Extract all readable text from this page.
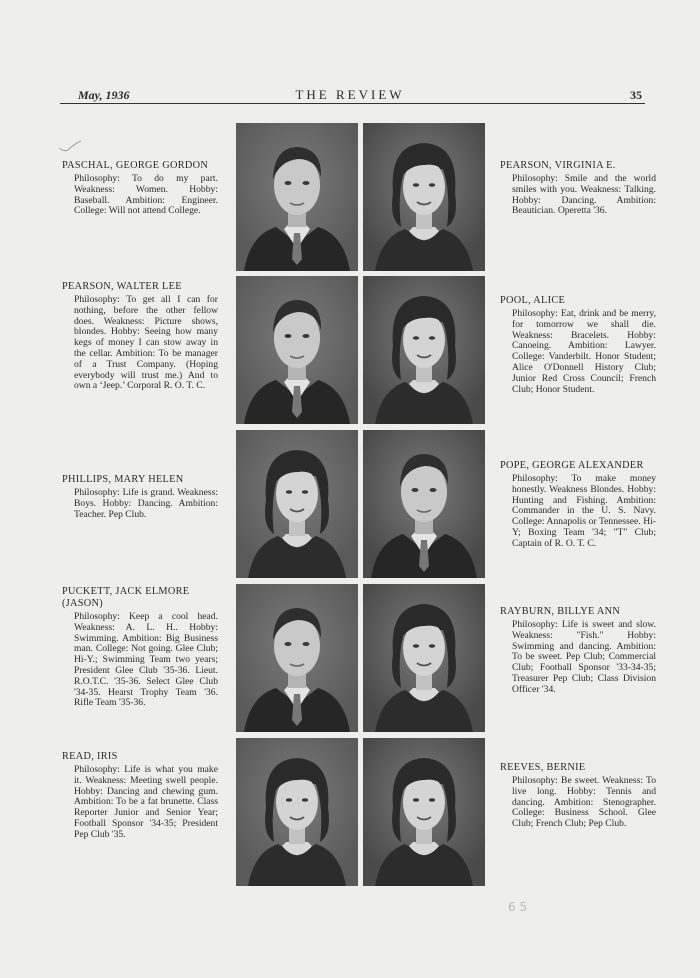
May, 1936	THE REVIEW	35
PASCHAL, GEORGE GORDON
Philosophy: To do my part. Weakness: Women. Hobby: Baseball. Ambition: Engineer. College: Will not attend College.
PEARSON, WALTER LEE
Philosophy: To get all I can for nothing, before the other fellow does. Weakness: Picture shows, blondes. Hobby: Seeing how many kegs of money I can stow away in the cellar. Ambition: To be manager of a Trust Company. (Hoping everybody will trust me.) And to own a ‘Jeep.’ Corporal R. O. T. C.
PHILLIPS, MARY HELEN
Philosophy: Life is grand. Weakness: Boys. Hobby: Dancing. Ambition: Teacher. Pep Club.
PUCKETT, JACK ELMORE
(JASON)
Philosophy: Keep a cool head. Weakness: A. L. H.. Hobby: Swimming. Ambition: Big Business man. College: Not going. Glee Club; Hi-Y.; Swimming Team two years; President Glee Club '35-36. Lieut. R.O.T.C. '35-36. Select Glee Club '34-35. Hearst Trophy Team '36. Rifle Team '35-36.
READ, IRIS
Philosophy: Life is what you make it. Weakness: Meeting swell people. Hobby: Dancing and chewing gum. Ambition: To be a fat brunette. Class Reporter Junior and Senior Year; Football Sponsor '34-35; President Pep Club '35.
PEARSON, VIRGINIA E.
Philosophy: Smile and the world smiles with you. Weakness: Talking. Hobby: Dancing. Ambition: Beautician. Operetta '36.
POOL, ALICE
Philosophy: Eat, drink and be merry, for tomorrow we shall die. Weakness: Bracelets. Hobby: Canoeing. Ambition: Lawyer. College: Vanderbilt. Honor Student; Alice O'Donnell History Club; Junior Red Cross Council; French Club; Honor Student.
POPE, GEORGE ALEXANDER
Philosophy: To make money honestly. Weakness Blondes. Hobby: Hunting and Fishing. Ambition: Commander in the U. S. Navy. College: Annapolis or Tennessee. Hi-Y; Boxing Team '34; "T" Club; Captain of R. O. T. C.
RAYBURN, BILLYE ANN
Philosophy: Life is sweet and slow. Weakness: "Fish." Hobby: Swimming and dancing. Ambition: To be sweet. Pep Club; Commercial Club; Football Sponsor '33-34-35; Treasurer Pep Club; Class Division Officer '34.
REEVES, BERNIE
Philosophy: Be sweet. Weakness: To live long. Hobby: Tennis and dancing. Ambition: Stenographer. College: Business School. Glee Club; French Club; Pep Club.
6 5
